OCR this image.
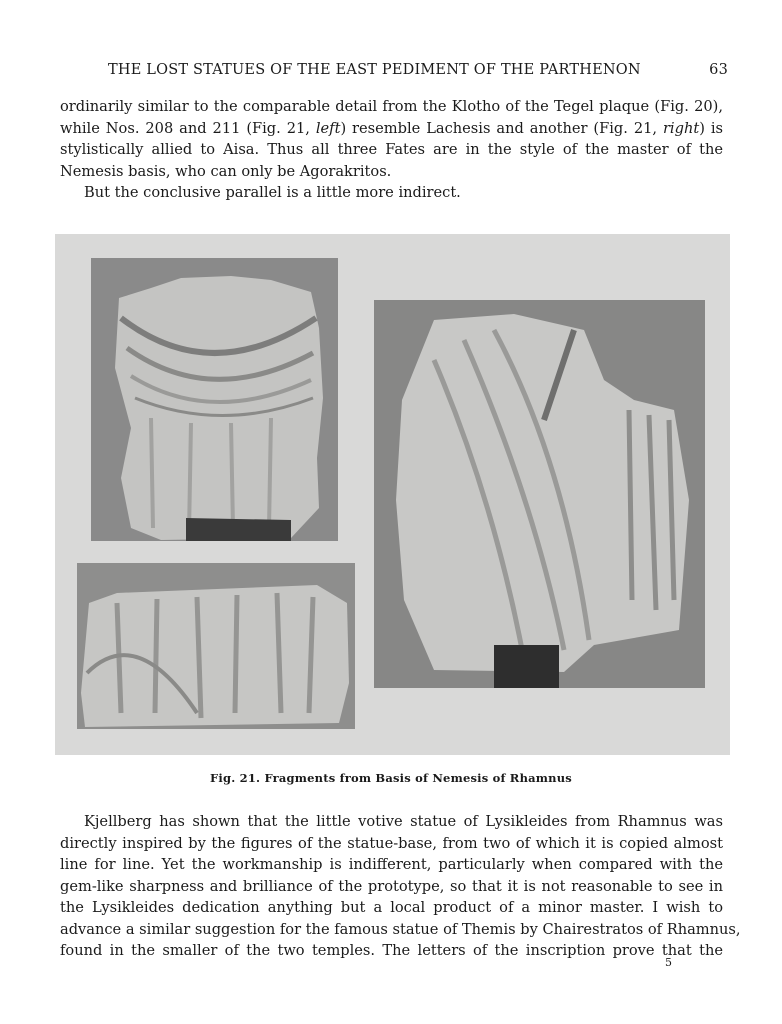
THE LOST STATUES OF THE EAST PEDIMENT OF THE PARTHENON	63

ordinarily similar to the comparable detail from the Klotho of the Tegel plaque (Fig. 20),
while Nos. 208 and 211 (Fig. 21, left) resemble Lachesis and another (Fig. 21, right) is
stylistically allied to Aisa. Thus all three Fates are in the style of the master of the
Nemesis basis, who can only be Agorakritos.

But the conclusive parallel is a little more indirect.

Fig. 21. Fragments from Basis of Nemesis of Rhamnus

Kjellberg has shown that the little votive statue of Lysikleides from Rhamnus was
directly inspired by the figures of the statue-base, from two of which it is copied almost
line for line. Yet the workmanship is indifferent, particularly when compared with the
gem-like sharpness and brilliance of the prototype, so that it is not reasonable to see in
the Lysikleides dedication anything but a local product of a minor master. I wish to
advance a similar suggestion for the famous statue of Themis by Chairestratos of Rhamnus,
found in the smaller of the two temples. The letters of the inscription prove that the

5
